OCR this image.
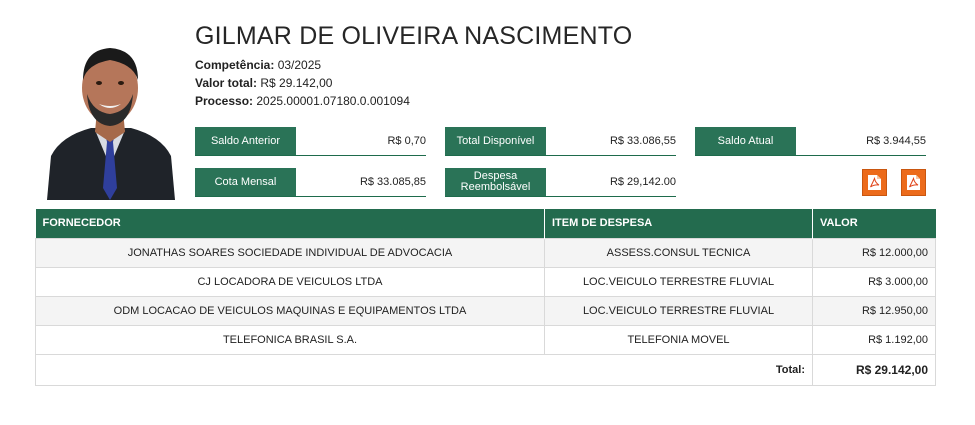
GILMAR DE OLIVEIRA NASCIMENTO
Competência: 03/2025
Valor total: R$ 29.142,00
Processo: 2025.00001.07180.0.001094
Saldo Anterior	R$ 0,70	Total Disponível	R$ 33.086,55	Saldo Atual	R$ 3.944,55
Cota Mensal	R$ 33.085,85	Despesa
Reembolsável	R$ 29,142.00
FORNECEDOR	ITEM DE DESPESA	VALOR
JONATHAS SOARES SOCIEDADE INDIVIDUAL DE ADVOCACIA	ASSESS.CONSUL TECNICA	R$ 12.000,00
CJ LOCADORA DE VEICULOS LTDA	LOC.VEICULO TERRESTRE FLUVIAL	R$ 3.000,00
ODM LOCACAO DE VEICULOS MAQUINAS E EQUIPAMENTOS LTDA	LOC.VEICULO TERRESTRE FLUVIAL	R$ 12.950,00
TELEFONICA BRASIL S.A.	TELEFONIA MOVEL	R$ 1.192,00
Total:		R$ 29.142,00
